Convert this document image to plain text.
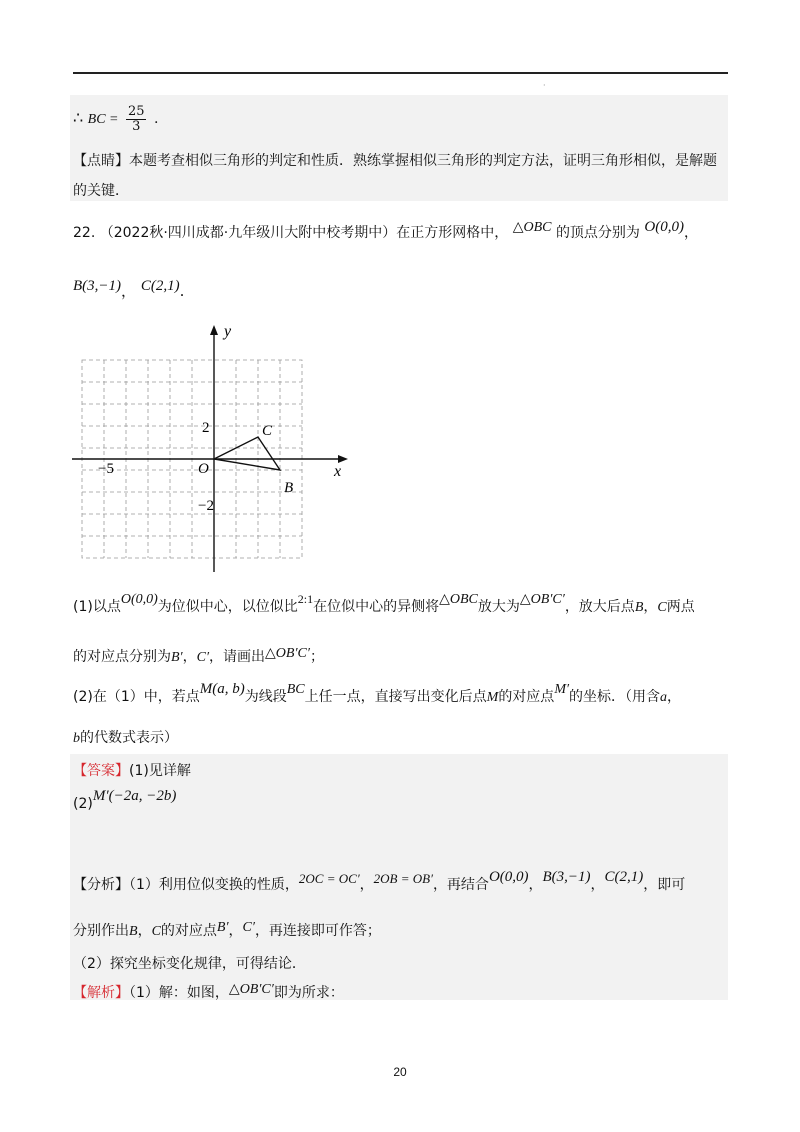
·
∴ BC = $\frac{25}{3}$ .
【点睛】本题考查相似三角形的判定和性质．熟练掌握相似三角形的判定方法，证明三角形相似，是解题
的关键．
22. （2022秋·四川成都·九年级川大附中校考期中）在正方形网格中， △OBC 的顶点分别为 O(0,0)，
B(3,−1)， C(2,1).
x
y
O
−5
2
−2
C
B
(1)以点O(0,0)为位似中心，以位似比2:1在位似中心的异侧将△OBC放大为△OB′C′，放大后点B，C两点
的对应点分别为B′，C′，请画出△OB′C′；
(2)在（1）中，若点M(a, b)为线段BC上任一点，直接写出变化后点M的对应点M′的坐标．（用含a，
b的代数式表示）
【答案】(1)见详解
(2)M′(−2a, −2b)
【分析】（1）利用位似变换的性质，2OC = OC′，2OB = OB′，再结合O(0,0)，B(3,−1)，C(2,1)，即可
分别作出B，C的对应点B′，C′，再连接即可作答；
（2）探究坐标变化规律，可得结论．
【解析】（1）解：如图，△OB′C′即为所求：
20
